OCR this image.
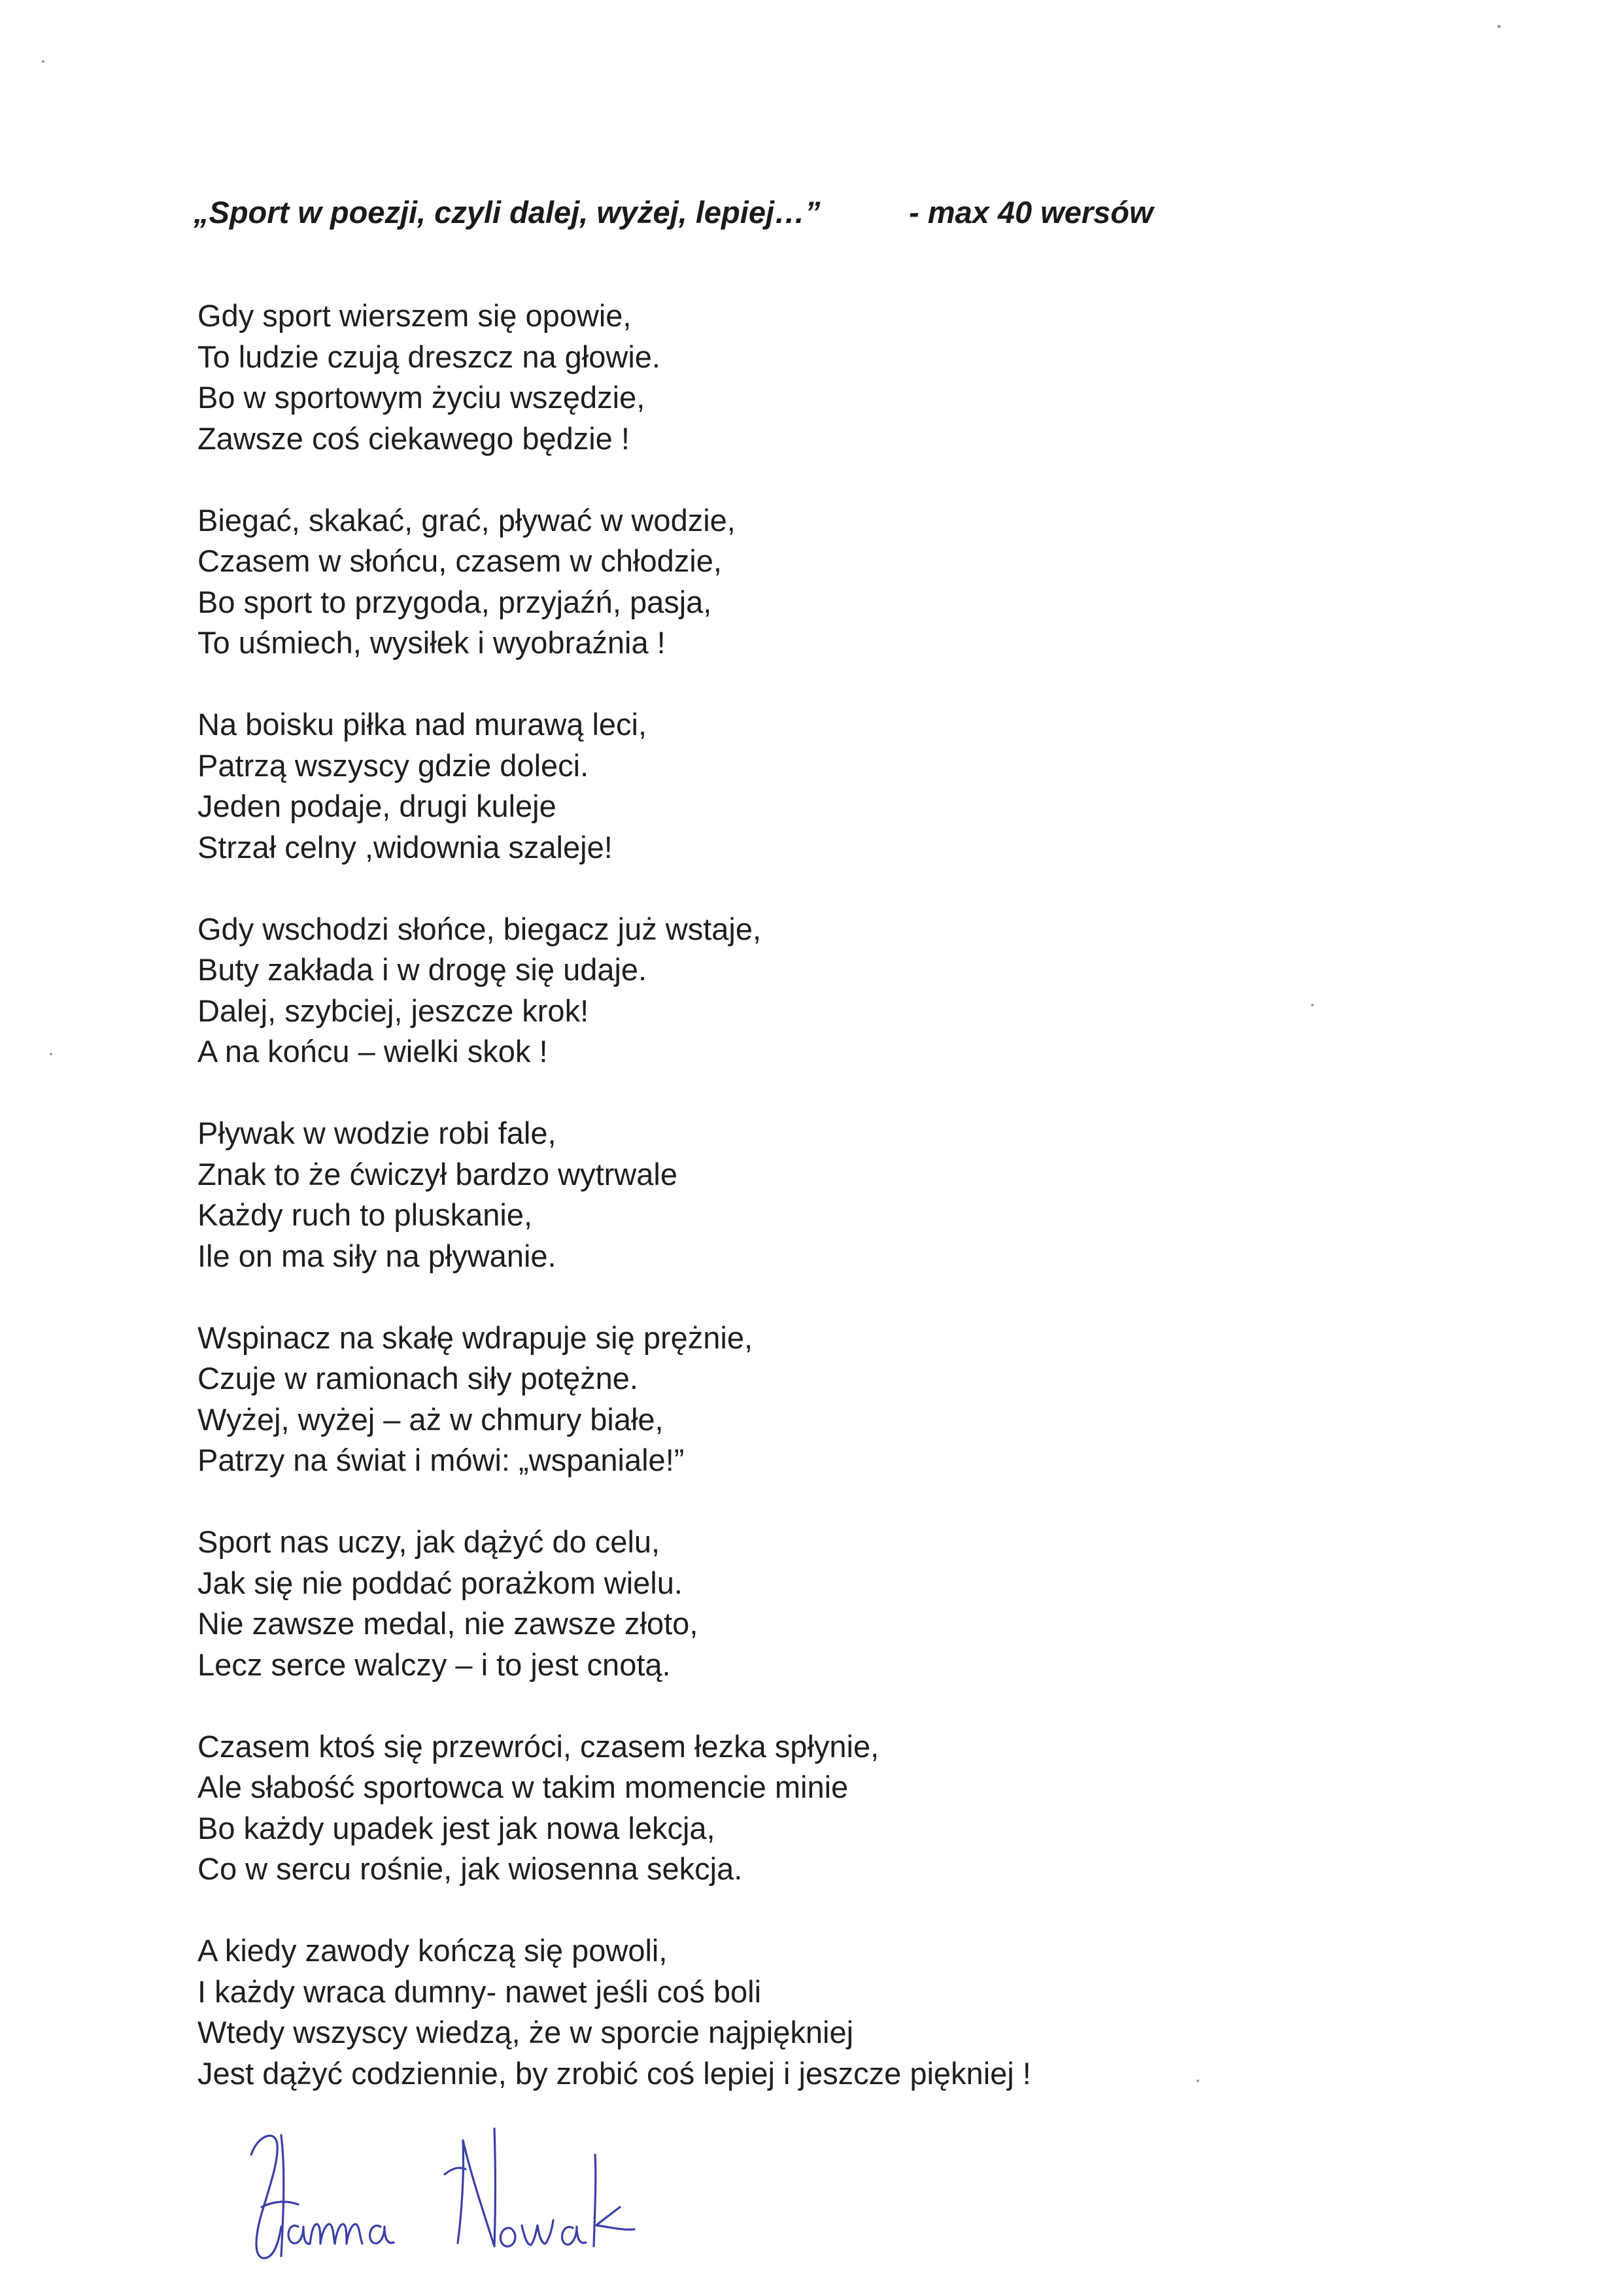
„Sport w poezji, czyli dalej, wyżej, lepiej…”	- max 40 wersów
Gdy sport wierszem się opowie,
To ludzie czują dreszcz na głowie.
Bo w sportowym życiu wszędzie,
Zawsze coś ciekawego będzie !
Biegać, skakać, grać, pływać w wodzie,
Czasem w słońcu, czasem w chłodzie,
Bo sport to przygoda, przyjaźń, pasja,
To uśmiech, wysiłek i wyobraźnia !
Na boisku piłka nad murawą leci,
Patrzą wszyscy gdzie doleci.
Jeden podaje, drugi kuleje
Strzał celny ,widownia szaleje!
Gdy wschodzi słońce, biegacz już wstaje,
Buty zakłada i w drogę się udaje.
Dalej, szybciej, jeszcze krok!
A na końcu – wielki skok !
Pływak w wodzie robi fale,
Znak to że ćwiczył bardzo wytrwale
Każdy ruch to pluskanie,
Ile on ma siły na pływanie.
Wspinacz na skałę wdrapuje się prężnie,
Czuje w ramionach siły potężne.
Wyżej, wyżej – aż w chmury białe,
Patrzy na świat i mówi: „wspaniale!”
Sport nas uczy, jak dążyć do celu,
Jak się nie poddać porażkom wielu.
Nie zawsze medal, nie zawsze złoto,
Lecz serce walczy – i to jest cnotą.
Czasem ktoś się przewróci, czasem łezka spłynie,
Ale słabość sportowca w takim momencie minie
Bo każdy upadek jest jak nowa lekcja,
Co w sercu rośnie, jak wiosenna sekcja.
A kiedy zawody kończą się powoli,
I każdy wraca dumny- nawet jeśli coś boli
Wtedy wszyscy wiedzą, że w sporcie najpiękniej
Jest dążyć codziennie, by zrobić coś lepiej i jeszcze piękniej !
